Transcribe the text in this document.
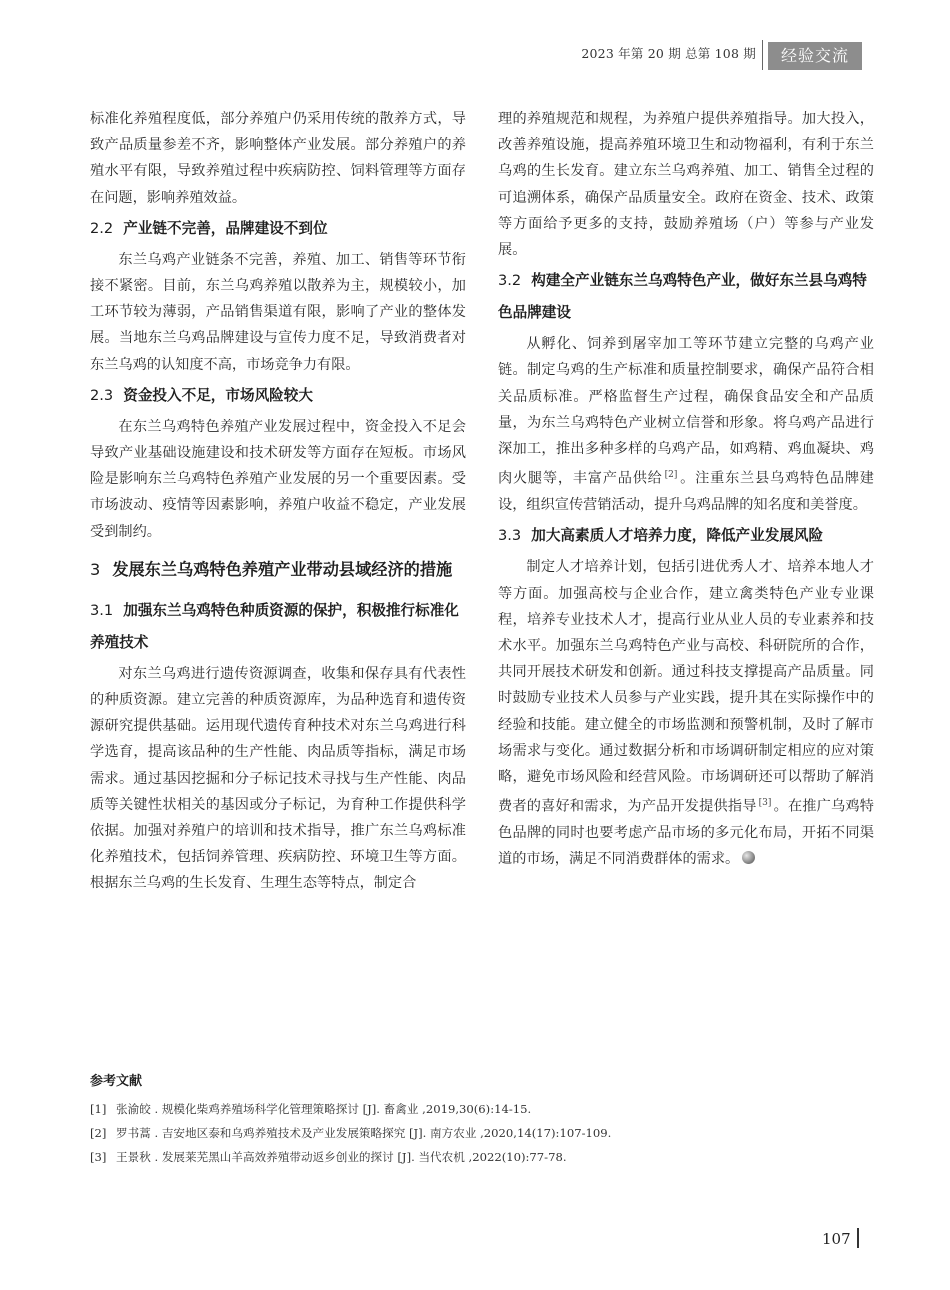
2023 年第 20 期 总第 108 期	经验交流

标准化养殖程度低，部分养殖户仍采用传统的散养方式，导致产品质量参差不齐，影响整体产业发展。部分养殖户的养殖水平有限，导致养殖过程中疾病防控、饲料管理等方面存在问题，影响养殖效益。

2.2 产业链不完善，品牌建设不到位

东兰乌鸡产业链条不完善，养殖、加工、销售等环节衔接不紧密。目前，东兰乌鸡养殖以散养为主，规模较小，加工环节较为薄弱，产品销售渠道有限，影响了产业的整体发展。当地东兰乌鸡品牌建设与宣传力度不足，导致消费者对东兰乌鸡的认知度不高，市场竞争力有限。

2.3 资金投入不足，市场风险较大

在东兰乌鸡特色养殖产业发展过程中，资金投入不足会导致产业基础设施建设和技术研发等方面存在短板。市场风险是影响东兰乌鸡特色养殖产业发展的另一个重要因素。受市场波动、疫情等因素影响，养殖户收益不稳定，产业发展受到制约。

3 发展东兰乌鸡特色养殖产业带动县域经济的措施
3.1 加强东兰乌鸡特色种质资源的保护，积极推行标准化养殖技术

对东兰乌鸡进行遗传资源调查，收集和保存具有代表性的种质资源。建立完善的种质资源库，为品种选育和遗传资源研究提供基础。运用现代遗传育种技术对东兰乌鸡进行科学选育，提高该品种的生产性能、肉品质等指标，满足市场需求。通过基因挖掘和分子标记技术寻找与生产性能、肉品质等关键性状相关的基因或分子标记，为育种工作提供科学依据。加强对养殖户的培训和技术指导，推广东兰乌鸡标准化养殖技术，包括饲养管理、疾病防控、环境卫生等方面。根据东兰乌鸡的生长发育、生理生态等特点，制定合

理的养殖规范和规程，为养殖户提供养殖指导。加大投入，改善养殖设施，提高养殖环境卫生和动物福利，有利于东兰乌鸡的生长发育。建立东兰乌鸡养殖、加工、销售全过程的可追溯体系，确保产品质量安全。政府在资金、技术、政策等方面给予更多的支持，鼓励养殖场（户）等参与产业发展。

3.2 构建全产业链东兰乌鸡特色产业，做好东兰县乌鸡特色品牌建设

从孵化、饲养到屠宰加工等环节建立完整的乌鸡产业链。制定乌鸡的生产标准和质量控制要求，确保产品符合相关品质标准。严格监督生产过程，确保食品安全和产品质量，为东兰乌鸡特色产业树立信誉和形象。将乌鸡产品进行深加工，推出多种多样的乌鸡产品，如鸡精、鸡血凝块、鸡肉火腿等，丰富产品供给 [2] 。注重东兰县乌鸡特色品牌建设，组织宣传营销活动，提升乌鸡品牌的知名度和美誉度。

3.3 加大高素质人才培养力度，降低产业发展风险

制定人才培养计划，包括引进优秀人才、培养本地人才等方面。加强高校与企业合作，建立禽类特色产业专业课程，培养专业技术人才，提高行业从业人员的专业素养和技术水平。加强东兰乌鸡特色产业与高校、科研院所的合作，共同开展技术研发和创新。通过科技支撑提高产品质量。同时鼓励专业技术人员参与产业实践，提升其在实际操作中的经验和技能。建立健全的市场监测和预警机制，及时了解市场需求与变化。通过数据分析和市场调研制定相应的应对策略，避免市场风险和经营风险。市场调研还可以帮助了解消费者的喜好和需求，为产品开发提供指导 [3] 。在推广乌鸡特色品牌的同时也要考虑产品市场的多元化布局，开拓不同渠道的市场，满足不同消费群体的需求。

参考文献

[1] 张渝皎 . 规模化柴鸡养殖场科学化管理策略探讨 [J]. 畜禽业 ,2019,30(6):14-15.

[2] 罗书蒿 . 吉安地区泰和乌鸡养殖技术及产业发展策略探究 [J]. 南方农业 ,2020,14(17):107-109.

[3] 王景秋 . 发展莱芜黑山羊高效养殖带动返乡创业的探讨 [J]. 当代农机 ,2022(10):77-78.

107
